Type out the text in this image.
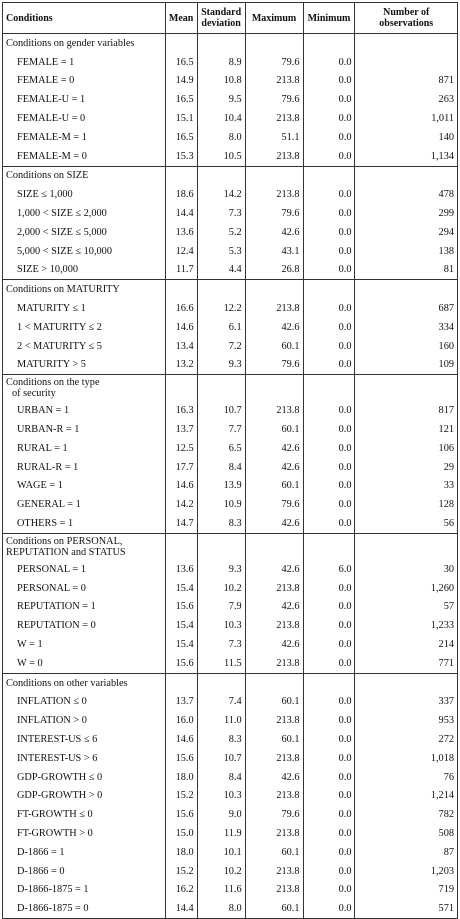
Conditions	Mean	Standard deviation	Maximum	Minimum	Number of observations

Conditions on gender variables					

FEMALE = 1	16.5	8.9	79.6	0.0	
FEMALE = 0	14.9	10.8	213.8	0.0	871
FEMALE-U = 1	16.5	9.5	79.6	0.0	263
FEMALE-U = 0	15.1	10.4	213.8	0.0	1,011
FEMALE-M = 1	16.5	8.0	51.1	0.0	140
FEMALE-M = 0	15.3	10.5	213.8	0.0	1,134

Conditions on SIZE					

SIZE ≤ 1,000	18.6	14.2	213.8	0.0	478
1,000 < SIZE ≤ 2,000	14.4	7.3	79.6	0.0	299
2,000 < SIZE ≤ 5,000	13.6	5.2	42.6	0.0	294
5,000 < SIZE ≤ 10,000	12.4	5.3	43.1	0.0	138
SIZE > 10,000	11.7	4.4	26.8	0.0	81

Conditions on MATURITY					

MATURITY ≤ 1	16.6	12.2	213.8	0.0	687
1 < MATURITY ≤ 2	14.6	6.1	42.6	0.0	334
2 < MATURITY ≤ 5	13.4	7.2	60.1	0.0	160
MATURITY > 5	13.2	9.3	79.6	0.0	109

Conditions on the type
of security					

URBAN = 1	16.3	10.7	213.8	0.0	817
URBAN-R = 1	13.7	7.7	60.1	0.0	121
RURAL = 1	12.5	6.5	42.6	0.0	106
RURAL-R = 1	17.7	8.4	42.6	0.0	29
WAGE = 1	14.6	13.9	60.1	0.0	33
GENERAL = 1	14.2	10.9	79.6	0.0	128
OTHERS = 1	14.7	8.3	42.6	0.0	56

Conditions on PERSONAL,
REPUTATION and STATUS					

PERSONAL = 1	13.6	9.3	42.6	6.0	30
PERSONAL = 0	15.4	10.2	213.8	0.0	1,260
REPUTATION = 1	15.6	7.9	42.6	0.0	57
REPUTATION = 0	15.4	10.3	213.8	0.0	1,233
W = 1	15.4	7.3	42.6	0.0	214
W = 0	15.6	11.5	213.8	0.0	771

Conditions on other variables					

INFLATION ≤ 0	13.7	7.4	60.1	0.0	337
INFLATION > 0	16.0	11.0	213.8	0.0	953
INTEREST-US ≤ 6	14.6	8.3	60.1	0.0	272
INTEREST-US > 6	15.6	10.7	213.8	0.0	1,018
GDP-GROWTH ≤ 0	18.0	8.4	42.6	0.0	76
GDP-GROWTH > 0	15.2	10.3	213.8	0.0	1,214
FT-GROWTH ≤ 0	15.6	9.0	79.6	0.0	782
FT-GROWTH > 0	15.0	11.9	213.8	0.0	508
D-1866 = 1	18.0	10.1	60.1	0.0	87
D-1866 = 0	15.2	10.2	213.8	0.0	1,203
D-1866-1875 = 1	16.2	11.6	213.8	0.0	719
D-1866-1875 = 0	14.4	8.0	60.1	0.0	571
